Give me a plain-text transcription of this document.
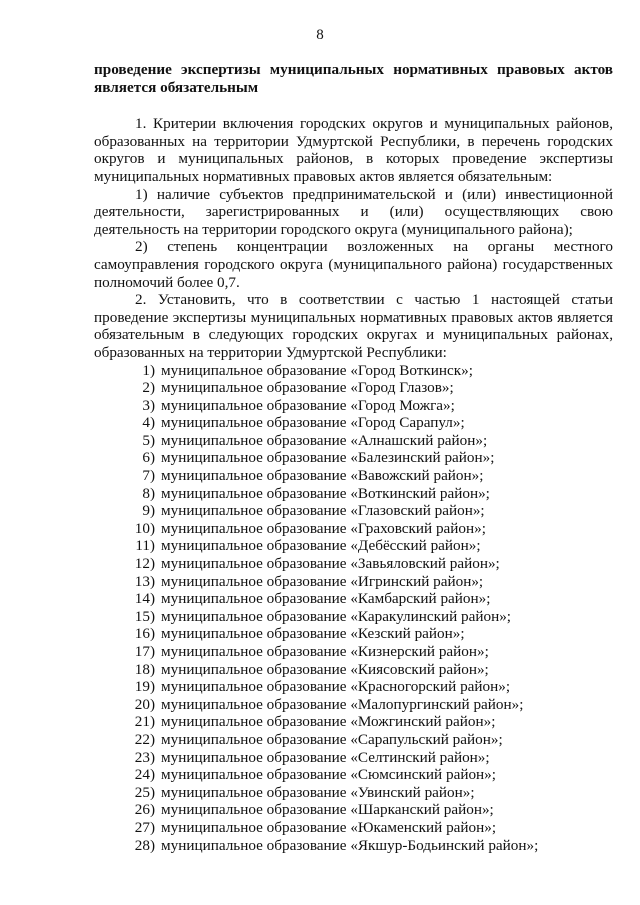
8

проведение экспертизы муниципальных нормативных правовых актов является обязательным

1. Критерии включения городских округов и муниципальных районов, образованных на территории Удмуртской Республики, в перечень городских округов и муниципальных районов, в которых проведение экспертизы муниципальных нормативных правовых актов является обязательным:

1) наличие субъектов предпринимательской и (или) инвестиционной деятельности, зарегистрированных и (или) осуществляющих свою деятельность на территории городского округа (муниципального района);

2) степень концентрации возложенных на органы местного

самоуправления городского округа (муниципального района) государственных полномочий более 0,7.

2. Установить, что в соответствии с частью 1 настоящей статьи проведение экспертизы муниципальных нормативных правовых актов является обязательным в следующих городских округах и муниципальных районах, образованных на территории Удмуртской Республики:

1) муниципальное образование «Город Воткинск»;
2) муниципальное образование «Город Глазов»;
3) муниципальное образование «Город Можга»;
4) муниципальное образование «Город Сарапул»;
5) муниципальное образование «Алнашский район»;
6) муниципальное образование «Балезинский район»;
7) муниципальное образование «Вавожский район»;
8) муниципальное образование «Воткинский район»;
9) муниципальное образование «Глазовский район»;
10) муниципальное образование «Граховский район»;
11) муниципальное образование «Дебёсский район»;
12) муниципальное образование «Завьяловский район»;
13) муниципальное образование «Игринский район»;
14) муниципальное образование «Камбарский район»;
15) муниципальное образование «Каракулинский район»;
16) муниципальное образование «Кезский район»;
17) муниципальное образование «Кизнерский район»;
18) муниципальное образование «Киясовский район»;
19) муниципальное образование «Красногорский район»;
20) муниципальное образование «Малопургинский район»;
21) муниципальное образование «Можгинский район»;
22) муниципальное образование «Сарапульский район»;
23) муниципальное образование «Селтинский район»;
24) муниципальное образование «Сюмсинский район»;
25) муниципальное образование «Увинский район»;
26) муниципальное образование «Шарканский район»;
27) муниципальное образование «Юкаменский район»;
28) муниципальное образование «Якшур-Бодьинский район»;
